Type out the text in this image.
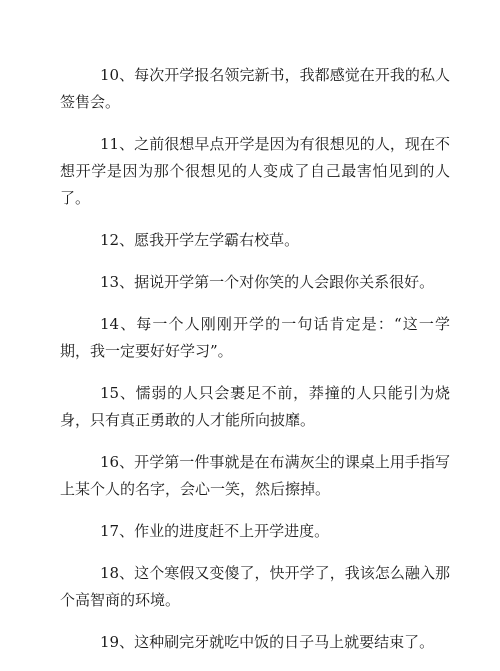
10、每次开学报名领完新书，我都感觉在开我的私人签售会。

11、之前很想早点开学是因为有很想见的人，现在不想开学是因为那个很想见的人变成了自己最害怕见到的人了。

12、愿我开学左学霸右校草。

13、据说开学第一个对你笑的人会跟你关系很好。

14、每一个人刚刚开学的一句话肯定是：“这一学期，我一定要好好学习”。

15、懦弱的人只会裹足不前，莽撞的人只能引为烧身，只有真正勇敢的人才能所向披靡。

16、开学第一件事就是在布满灰尘的课桌上用手指写上某个人的名字，会心一笑，然后擦掉。

17、作业的进度赶不上开学进度。

18、这个寒假又变傻了，快开学了，我该怎么融入那个高智商的环境。

19、这种刷完牙就吃中饭的日子马上就要结束了。
